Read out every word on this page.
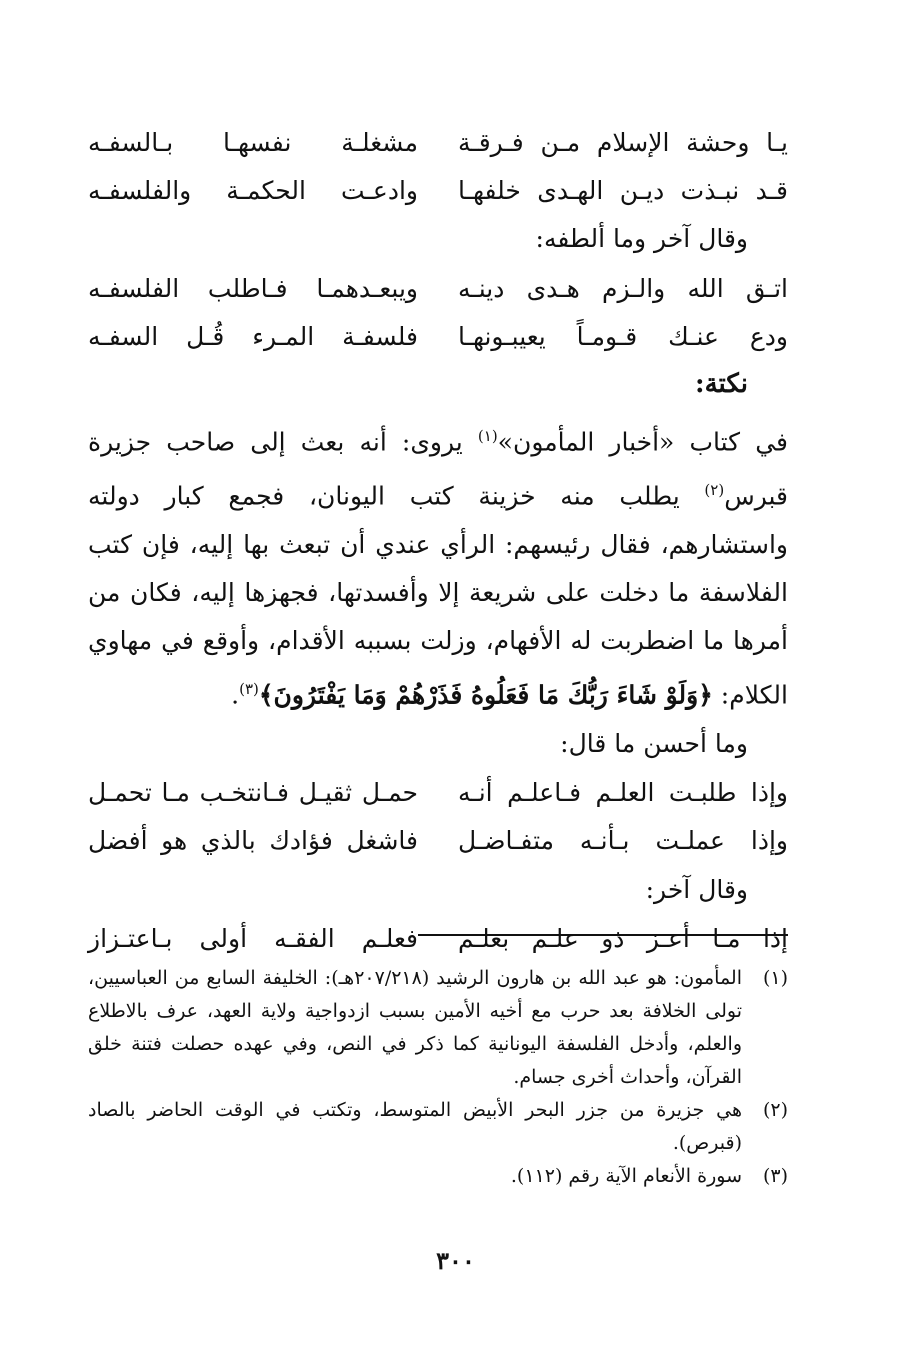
يـا وحشة الإسلام مـن فـرقـة
مشغلـة نفسهـا بـالسفـه
قـد نبـذت ديـن الهـدى خلفهـا
وادعـت الحكمـة والفلسفـه
وقال آخر وما ألطفه:
اتـق الله والـزم هـدى دينـه
ويبعـدهمـا فـاطلب الفلسفـه
ودع عنـك قـومـاً يعيبـونهـا
فلسفـة المـرء قُـل السفـه
نكتة:
في كتاب «أخبار المأمون»$^{(١)}$ يروى: أنه بعث إلى صاحب جزيرة قبرس$^{(٢)}$ يطلب منه خزينة كتب اليونان، فجمع كبار دولته واستشارهم، فقال رئيسهم: الرأي عندي أن تبعث بها إليه، فإن كتب الفلاسفة ما دخلت على شريعة إلا وأفسدتها، فجهزها إليه، فكان من أمرها ما اضطربت له الأفهام، وزلت بسببه الأقدام، وأوقع في مهاوي الكلام: ﴿وَلَوْ شَاءَ رَبُّكَ مَا فَعَلُوهُ فَذَرْهُمْ وَمَا يَفْتَرُونَ﴾$^{(٣)}$.
وما أحسن ما قال:
وإذا طلبـت العلـم فـاعلـم أنـه
حمـل ثقيـل فـانتخـب مـا تحمـل
وإذا عملـت بـأنـه متفـاضـل
فاشغل فؤادك بالذي هو أفضل
وقال آخر:
إذا مـا أعـز ذو علـم بعلـم
فعلـم الفقـه أولى بـاعتـزاز
(١)
المأمون: هو عبد الله بن هارون الرشيد (٢٠٧/٢١٨هـ): الخليفة السابع من العباسيين، تولى الخلافة بعد حرب مع أخيه الأمين بسبب ازدواجية ولاية العهد، عرف بالاطلاع والعلم، وأدخل الفلسفة اليونانية كما ذكر في النص، وفي عهده حصلت فتنة خلق القرآن، وأحداث أخرى جسام.
(٢)
هي جزيرة من جزر البحر الأبيض المتوسط، وتكتب في الوقت الحاضر بالصاد (قبرص).
(٣)
سورة الأنعام الآية رقم (١١٢).
٣٠٠
